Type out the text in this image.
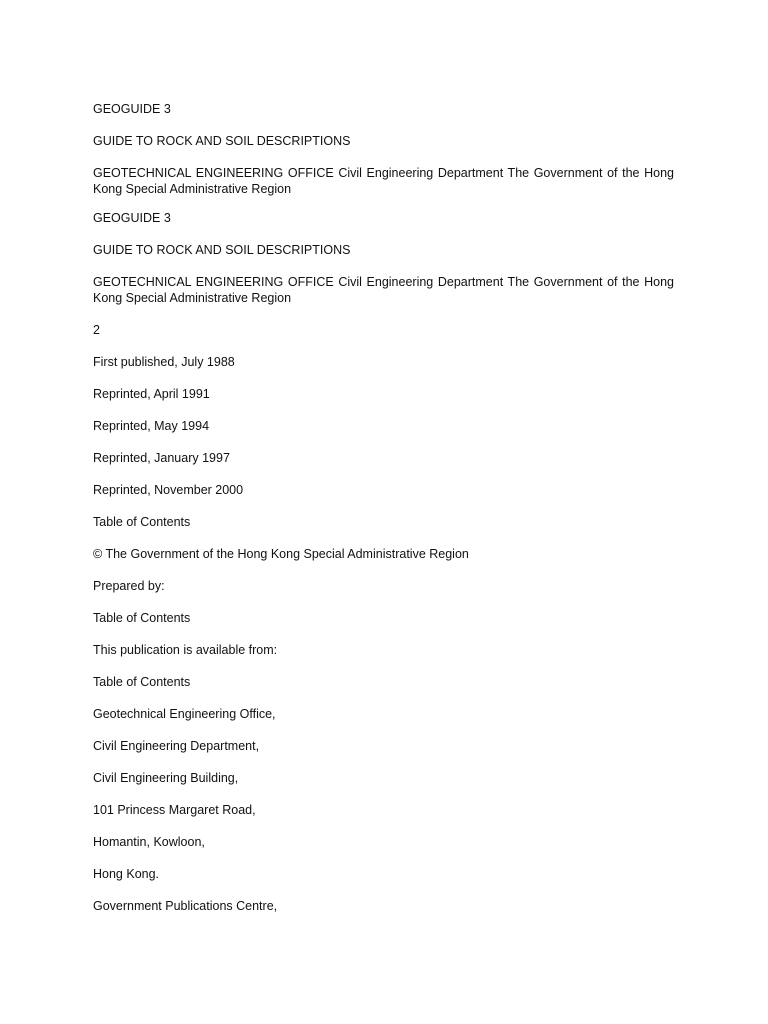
GEOGUIDE 3

GUIDE TO ROCK AND SOIL DESCRIPTIONS

GEOTECHNICAL ENGINEERING OFFICE Civil Engineering Department The Government of the Hong Kong Special Administrative Region

GEOGUIDE 3

GUIDE TO ROCK AND SOIL DESCRIPTIONS

GEOTECHNICAL ENGINEERING OFFICE Civil Engineering Department The Government of the Hong Kong Special Administrative Region

2

First published, July 1988

Reprinted, April 1991

Reprinted, May 1994

Reprinted, January 1997

Reprinted, November 2000

Table of Contents

© The Government of the Hong Kong Special Administrative Region

Prepared by:

Table of Contents

This publication is available from:

Table of Contents

Geotechnical Engineering Office,

Civil Engineering Department,

Civil Engineering Building,

101 Princess Margaret Road,

Homantin, Kowloon,

Hong Kong.

Government Publications Centre,
